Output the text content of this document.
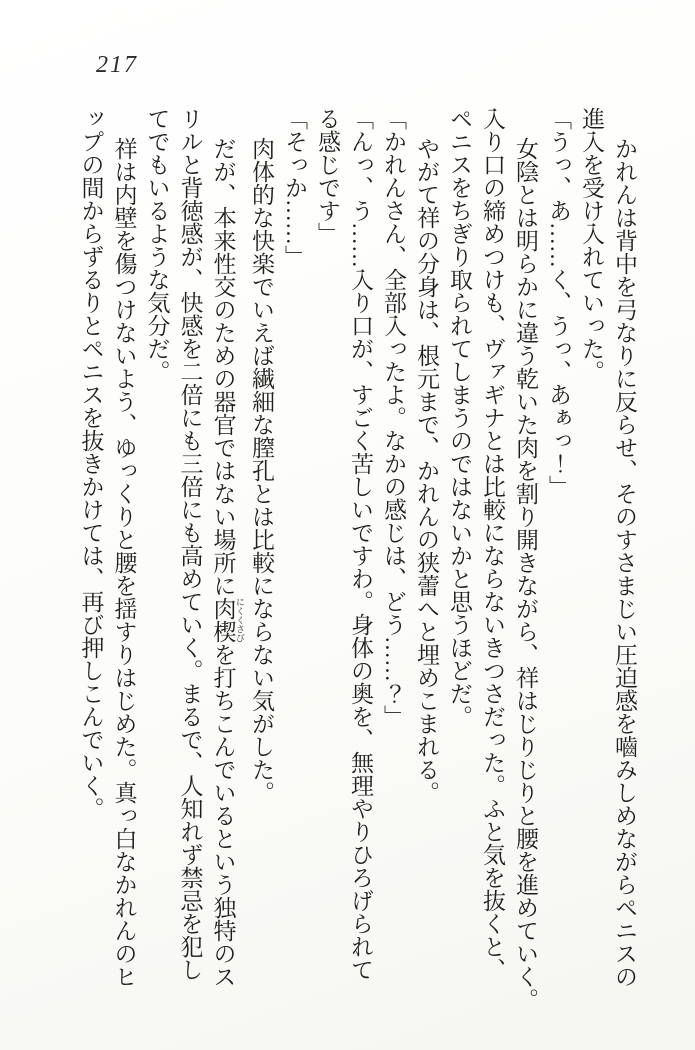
217
かれんは背中を弓なりに反らせ、そのすさまじい圧迫感を嚙みしめながらペニスの
進入を受け入れていった。
「うっ、あ……く、うっ、あぁっ！」
女陰とは明らかに違う乾いた肉を割り開きながら、祥はじりじりと腰を進めていく。
入り口の締めつけも、ヴァギナとは比較にならないきつさだった。ふと気を抜くと、
ペニスをちぎり取られてしまうのではないかと思うほどだ。
やがて祥の分身は、根元まで、かれんの狭蕾へと埋めこまれる。
「かれんさん、全部入ったよ。なかの感じは、どう……？」
「んっ、う……入り口が、すごく苦しいですわ。身体の奥を、無理やりひろげられて
る感じです」
「そっか……」
肉体的な快楽でいえば繊細な膣孔とは比較にならない気がした。
だが、本来性交のための器官ではない場所に肉楔 にくくさびを打ちこんでいるという独特のス
リルと背徳感が、快感を二倍にも三倍にも高めていく。まるで、人知れず禁忌を犯し
てでもいるような気分だ。
祥は内壁を傷つけないよう、ゆっくりと腰を揺すりはじめた。真っ白なかれんのヒ
ップの間からずるりとペニスを抜きかけては、再び押しこんでいく。
